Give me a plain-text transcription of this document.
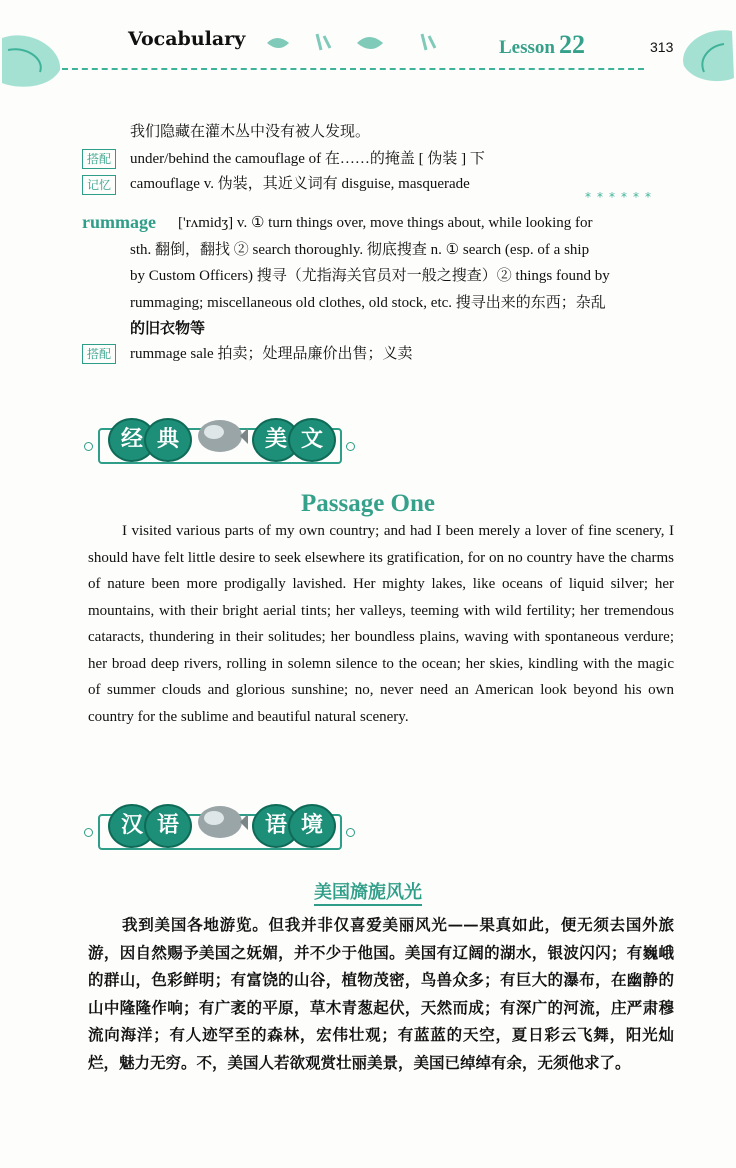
Vocabulary	Lesson 22	313
我们隐藏在灌木丛中没有被人发现。
搭配	under/behind the camouflage of 在……的掩盖 [ 伪装 ] 下
记忆	camouflage v. 伪装，其近义词有 disguise, masquerade
******
rummage ['rʌmidʒ] v. ① turn things over, move things about, while looking for

sth. 翻倒，翻找 ② search thoroughly. 彻底搜查 n. ① search (esp. of a ship

by Custom Officers) 搜寻（尤指海关官员对一般之搜查）② things found by

rummaging; miscellaneous old clothes, old stock, etc. 搜寻出来的东西；杂乱

的旧衣物等

搭配	rummage sale 拍卖；处理品廉价出售；义卖
经 典	美 文
Passage One

I visited various parts of my own country; and had I been merely a lover of fine scenery, I should have felt little desire to seek elsewhere its gratification, for on no country have the charms of nature been more prodigally lavished. Her mighty lakes, like oceans of liquid silver; her mountains, with their bright aerial tints; her valleys, teeming with wild fertility; her tremendous cataracts, thundering in their solitudes; her boundless plains, waving with spontaneous verdure; her broad deep rivers, rolling in solemn silence to the ocean; her skies, kindling with the magic of summer clouds and glorious sunshine; no, never need an American look beyond his own country for the sublime and beautiful natural scenery.

汉 语	语 境
美国旖旎风光

我到美国各地游览。但我并非仅喜爱美丽风光——果真如此，便无须去国外旅游，因自然赐予美国之妩媚，并不少于他国。美国有辽阔的湖水，银波闪闪；有巍峨的群山，色彩鲜明；有富饶的山谷，植物茂密，鸟兽众多；有巨大的瀑布，在幽静的山中隆隆作响；有广袤的平原，草木青葱起伏，天然而成；有深广的河流，庄严肃穆流向海洋；有人迹罕至的森林，宏伟壮观；有蓝蓝的天空，夏日彩云飞舞，阳光灿烂，魅力无穷。不，美国人若欲观赏壮丽美景，美国已绰绰有余，无须他求了。
